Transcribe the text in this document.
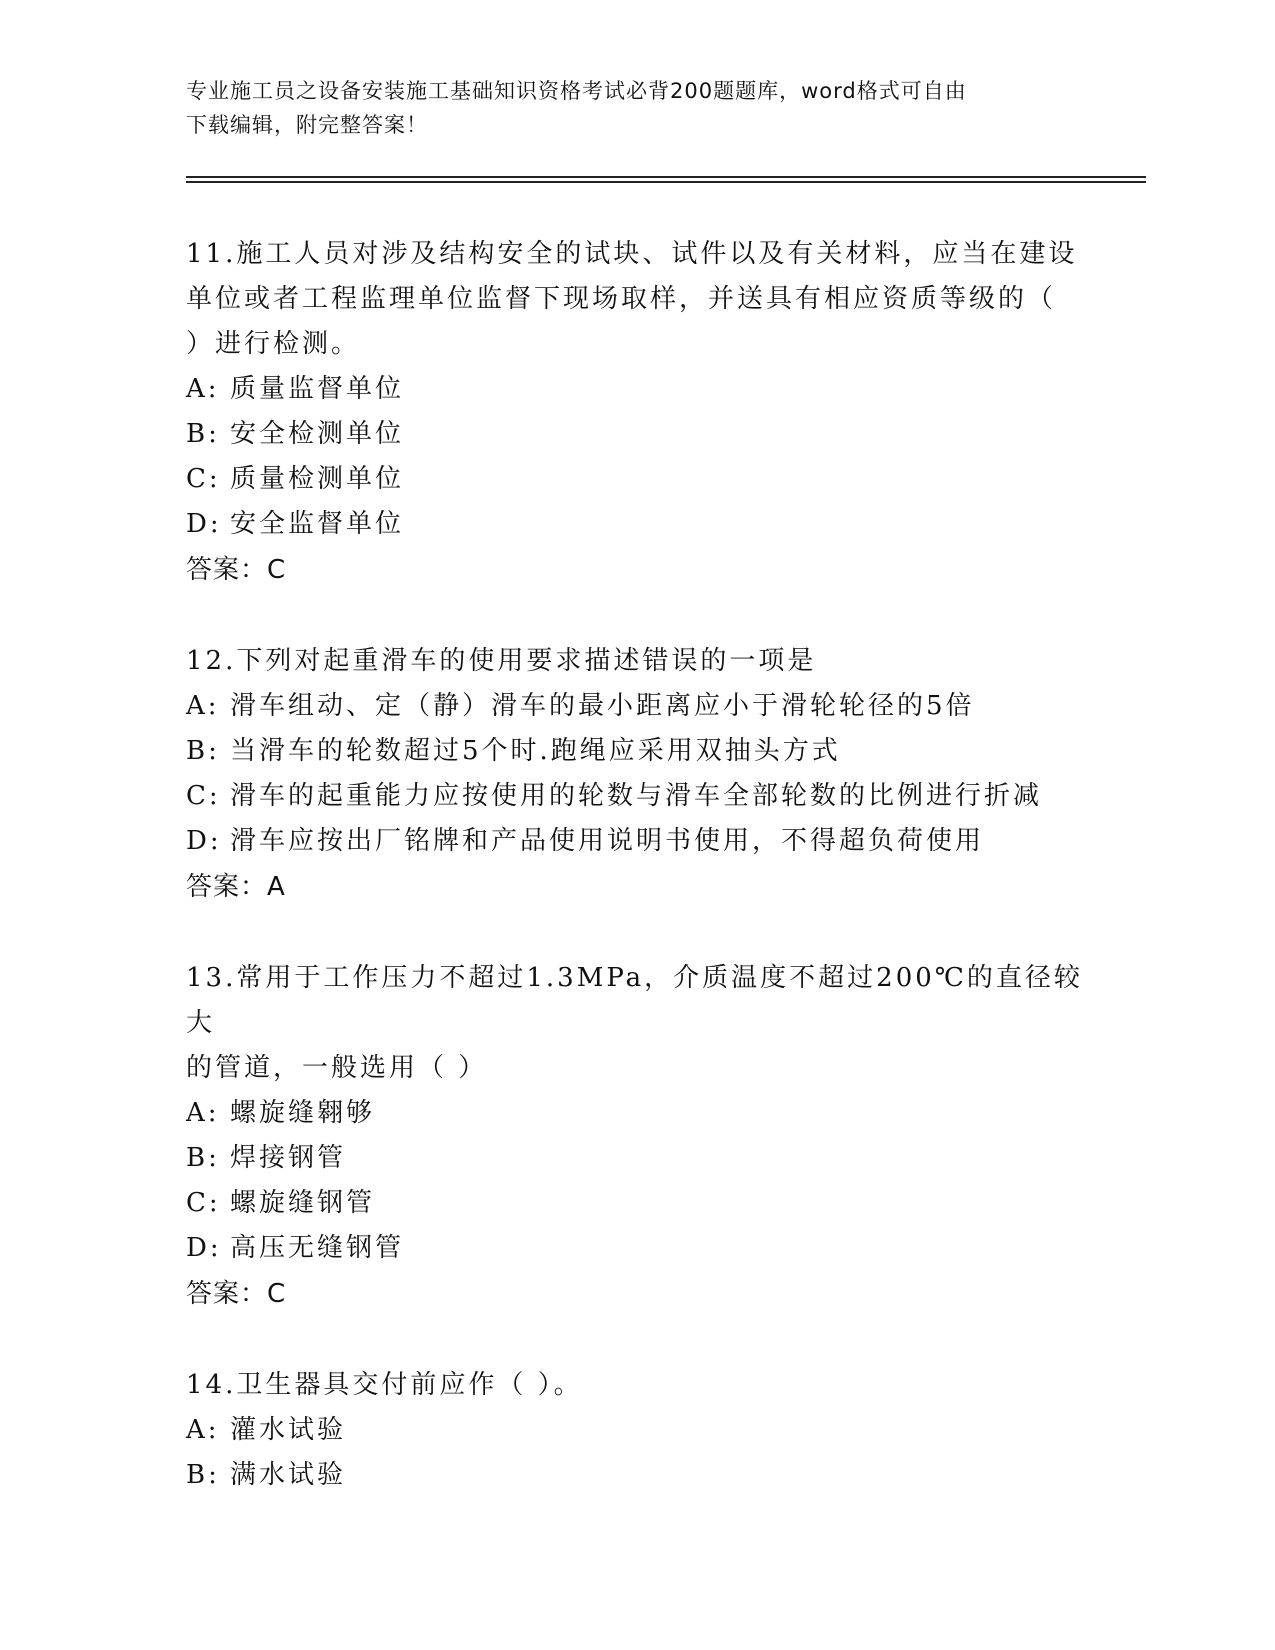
专业施工员之设备安装施工基础知识资格考试必背200题题库，word格式可自由
下载编辑，附完整答案！
11.施工人员对涉及结构安全的试块、试件以及有关材料，应当在建设
单位或者工程监理单位监督下现场取样，并送具有相应资质等级的（
）进行检测。
A: 质量监督单位
B: 安全检测单位
C: 质量检测单位
D: 安全监督单位
答案：C
12.下列对起重滑车的使用要求描述错误的一项是
A: 滑车组动、定（静）滑车的最小距离应小于滑轮轮径的5倍
B: 当滑车的轮数超过5个时.跑绳应采用双抽头方式
C: 滑车的起重能力应按使用的轮数与滑车全部轮数的比例进行折减
D: 滑车应按出厂铭牌和产品使用说明书使用，不得超负荷使用
答案：A
13.常用于工作压力不超过1.3MPa，介质温度不超过200℃的直径较大
的管道，一般选用（ ）
A: 螺旋缝翱够
B: 焊接钢管
C: 螺旋缝钢管
D: 高压无缝钢管
答案：C
14.卫生器具交付前应作（ ）。
A: 灌水试验
B: 满水试验
